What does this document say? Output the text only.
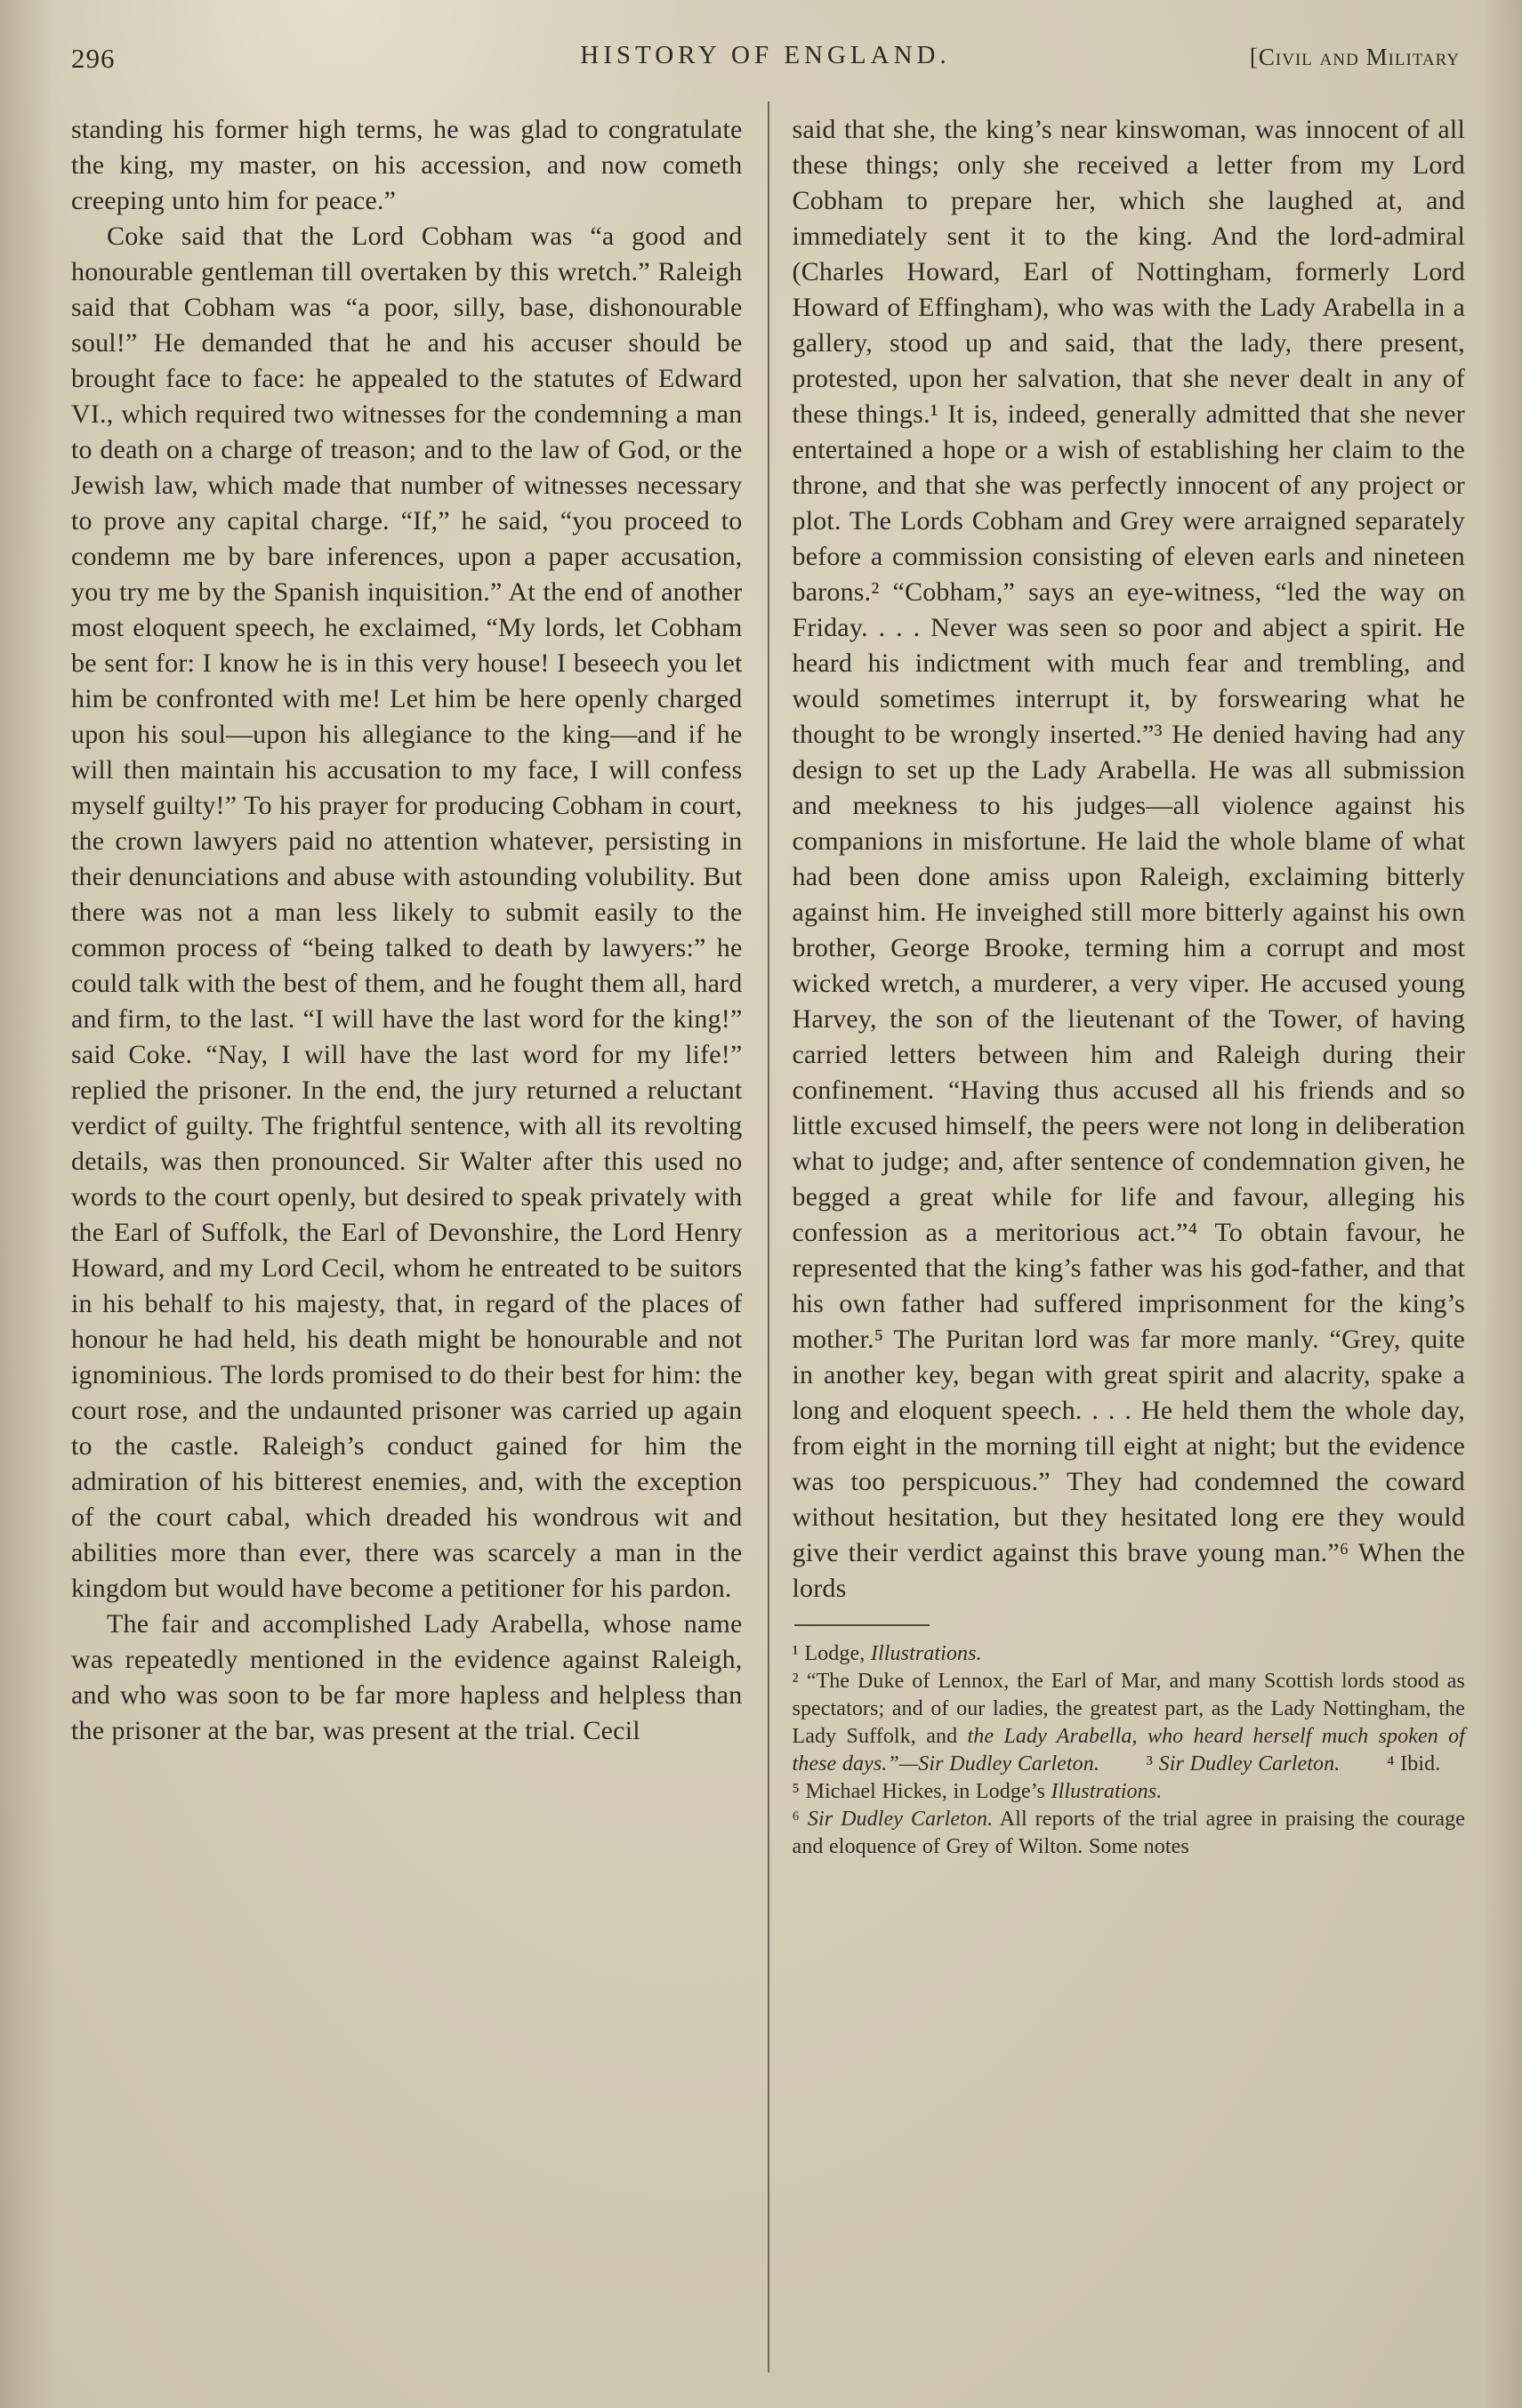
296	HISTORY OF ENGLAND.	[Civil and Military

standing his former high terms, he was glad to congratulate the king, my master, on his accession, and now cometh creeping unto him for peace.”

Coke said that the Lord Cobham was “a good and honourable gentleman till overtaken by this wretch.” Raleigh said that Cobham was “a poor, silly, base, dishonourable soul!” He demanded that he and his accuser should be brought face to face: he appealed to the statutes of Edward VI., which required two witnesses for the condemning a man to death on a charge of treason; and to the law of God, or the Jewish law, which made that number of witnesses necessary to prove any capital charge. “If,” he said, “you proceed to condemn me by bare inferences, upon a paper accusation, you try me by the Spanish inquisition.” At the end of another most eloquent speech, he exclaimed, “My lords, let Cobham be sent for: I know he is in this very house! I beseech you let him be confronted with me! Let him be here openly charged upon his soul—upon his allegiance to the king—and if he will then maintain his accusation to my face, I will confess myself guilty!” To his prayer for producing Cobham in court, the crown lawyers paid no attention whatever, persisting in their denunciations and abuse with astounding volubility. But there was not a man less likely to submit easily to the common process of “being talked to death by lawyers:” he could talk with the best of them, and he fought them all, hard and firm, to the last. “I will have the last word for the king!” said Coke. “Nay, I will have the last word for my life!” replied the prisoner. In the end, the jury returned a reluctant verdict of guilty. The frightful sentence, with all its revolting details, was then pronounced. Sir Walter after this used no words to the court openly, but desired to speak privately with the Earl of Suffolk, the Earl of Devonshire, the Lord Henry Howard, and my Lord Cecil, whom he entreated to be suitors in his behalf to his majesty, that, in regard of the places of honour he had held, his death might be honourable and not ignominious. The lords promised to do their best for him: the court rose, and the undaunted prisoner was carried up again to the castle. Raleigh’s conduct gained for him the admiration of his bitterest enemies, and, with the exception of the court cabal, which dreaded his wondrous wit and abilities more than ever, there was scarcely a man in the kingdom but would have become a petitioner for his pardon.

The fair and accomplished Lady Arabella, whose name was repeatedly mentioned in the evidence against Raleigh, and who was soon to be far more hapless and helpless than the prisoner at the bar, was present at the trial. Cecil

said that she, the king’s near kinswoman, was innocent of all these things; only she received a letter from my Lord Cobham to prepare her, which she laughed at, and immediately sent it to the king. And the lord-admiral (Charles Howard, Earl of Nottingham, formerly Lord Howard of Effingham), who was with the Lady Arabella in a gallery, stood up and said, that the lady, there present, protested, upon her salvation, that she never dealt in any of these things.¹ It is, indeed, generally admitted that she never entertained a hope or a wish of establishing her claim to the throne, and that she was perfectly innocent of any project or plot. The Lords Cobham and Grey were arraigned separately before a commission consisting of eleven earls and nineteen barons.² “Cobham,” says an eye-witness, “led the way on Friday. . . . Never was seen so poor and abject a spirit. He heard his indictment with much fear and trembling, and would sometimes interrupt it, by forswearing what he thought to be wrongly inserted.”³ He denied having had any design to set up the Lady Arabella. He was all submission and meekness to his judges—all violence against his companions in misfortune. He laid the whole blame of what had been done amiss upon Raleigh, exclaiming bitterly against him. He inveighed still more bitterly against his own brother, George Brooke, terming him a corrupt and most wicked wretch, a murderer, a very viper. He accused young Harvey, the son of the lieutenant of the Tower, of having carried letters between him and Raleigh during their confinement. “Having thus accused all his friends and so little excused himself, the peers were not long in deliberation what to judge; and, after sentence of condemnation given, he begged a great while for life and favour, alleging his confession as a meritorious act.”⁴ To obtain favour, he represented that the king’s father was his god-father, and that his own father had suffered imprisonment for the king’s mother.⁵ The Puritan lord was far more manly. “Grey, quite in another key, began with great spirit and alacrity, spake a long and eloquent speech. . . . He held them the whole day, from eight in the morning till eight at night; but the evidence was too perspicuous.” They had condemned the coward without hesitation, but they hesitated long ere they would give their verdict against this brave young man.”⁶ When the lords

¹ Lodge, Illustrations.

² “The Duke of Lennox, the Earl of Mar, and many Scottish lords stood as spectators; and of our ladies, the greatest part, as the Lady Nottingham, the Lady Suffolk, and the Lady Arabella, who heard herself much spoken of these days.”—Sir Dudley Carleton. ³ Sir Dudley Carleton. ⁴ Ibid.

⁵ Michael Hickes, in Lodge’s Illustrations.

⁶ Sir Dudley Carleton. All reports of the trial agree in praising the courage and eloquence of Grey of Wilton. Some notes
